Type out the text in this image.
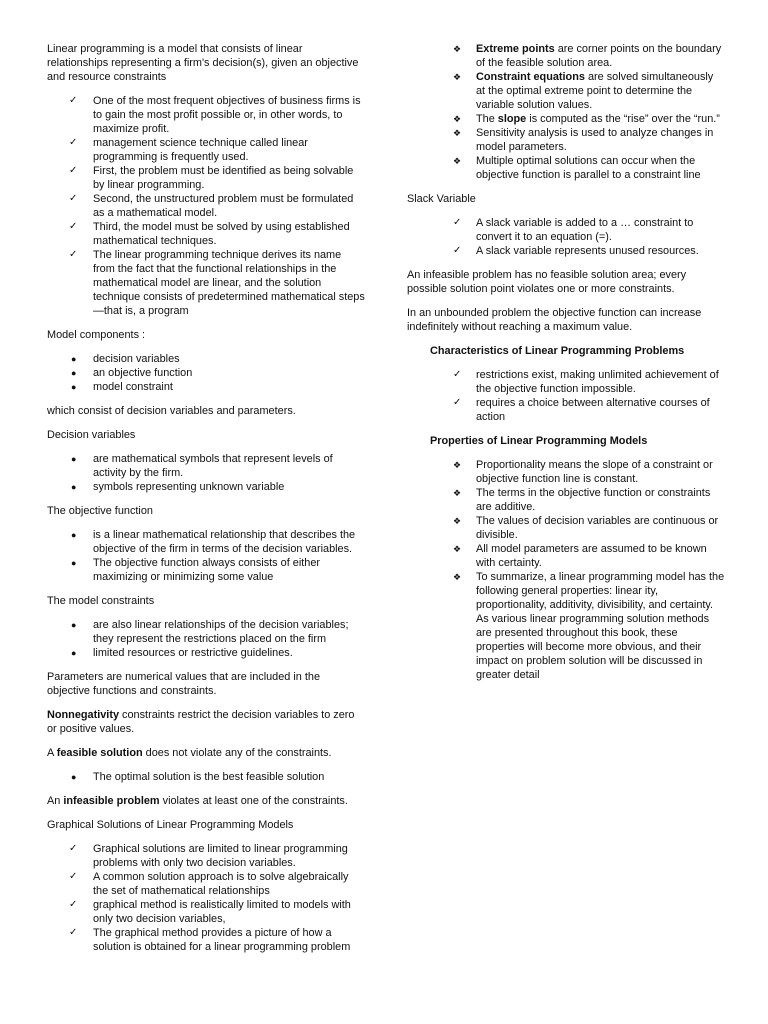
Linear programming is a model that consists of linear relationships representing a firm's decision(s), given an objective and resource constraints

✓ One of the most frequent objectives of business firms is to gain the most profit possible or, in other words, to maximize profit.
✓ management science technique called linear programming is frequently used.
✓ First, the problem must be identified as being solvable by linear programming.
✓ Second, the unstructured problem must be formulated as a mathematical model.
✓ Third, the model must be solved by using established mathematical techniques.
✓ The linear programming technique derives its name from the fact that the functional relationships in the mathematical model are linear, and the solution technique consists of predetermined mathematical steps —that is, a program

Model components :

● decision variables
● an objective function
● model constraint

which consist of decision variables and parameters.

Decision variables

● are mathematical symbols that represent levels of activity by the firm.
● symbols representing unknown variable

The objective function

● is a linear mathematical relationship that describes the objective of the firm in terms of the decision variables.
● The objective function always consists of either maximizing or minimizing some value

The model constraints

● are also linear relationships of the decision variables; they represent the restrictions placed on the firm
● limited resources or restrictive guidelines.

Parameters are numerical values that are included in the objective functions and constraints.

Nonnegativity constraints restrict the decision variables to zero or positive values.

A feasible solution does not violate any of the constraints.

● The optimal solution is the best feasible solution

An infeasible problem violates at least one of the constraints.

Graphical Solutions of Linear Programming Models

✓ Graphical solutions are limited to linear programming problems with only two decision variables.
✓ A common solution approach is to solve algebraically the set of mathematical relationships
✓ graphical method is realistically limited to models with only two decision variables,
✓ The graphical method provides a picture of how a solution is obtained for a linear programming problem
❖ Extreme points are corner points on the boundary of the feasible solution area.
❖ Constraint equations are solved simultaneously at the optimal extreme point to determine the variable solution values.
❖ The slope is computed as the “rise” over the “run.”
❖ Sensitivity analysis is used to analyze changes in model parameters.
❖ Multiple optimal solutions can occur when the objective function is parallel to a constraint line

Slack Variable

✓ A slack variable is added to a … constraint to convert it to an equation (=).
✓ A slack variable represents unused resources.

An infeasible problem has no feasible solution area; every possible solution point violates one or more constraints.

In an unbounded problem the objective function can increase indefinitely without reaching a maximum value.

Characteristics of Linear Programming Problems

✓ restrictions exist, making unlimited achievement of the objective function impossible.
✓ requires a choice between alternative courses of action

Properties of Linear Programming Models

❖ Proportionality means the slope of a constraint or objective function line is constant.
❖ The terms in the objective function or constraints are additive.
❖ The values of decision variables are continuous or divisible.
❖ All model parameters are assumed to be known with certainty.
❖ To summarize, a linear programming model has the following general properties: linear ity, proportionality, additivity, divisibility, and certainty. As various linear programming solution methods are presented throughout this book, these properties will become more obvious, and their impact on problem solution will be discussed in greater detail
